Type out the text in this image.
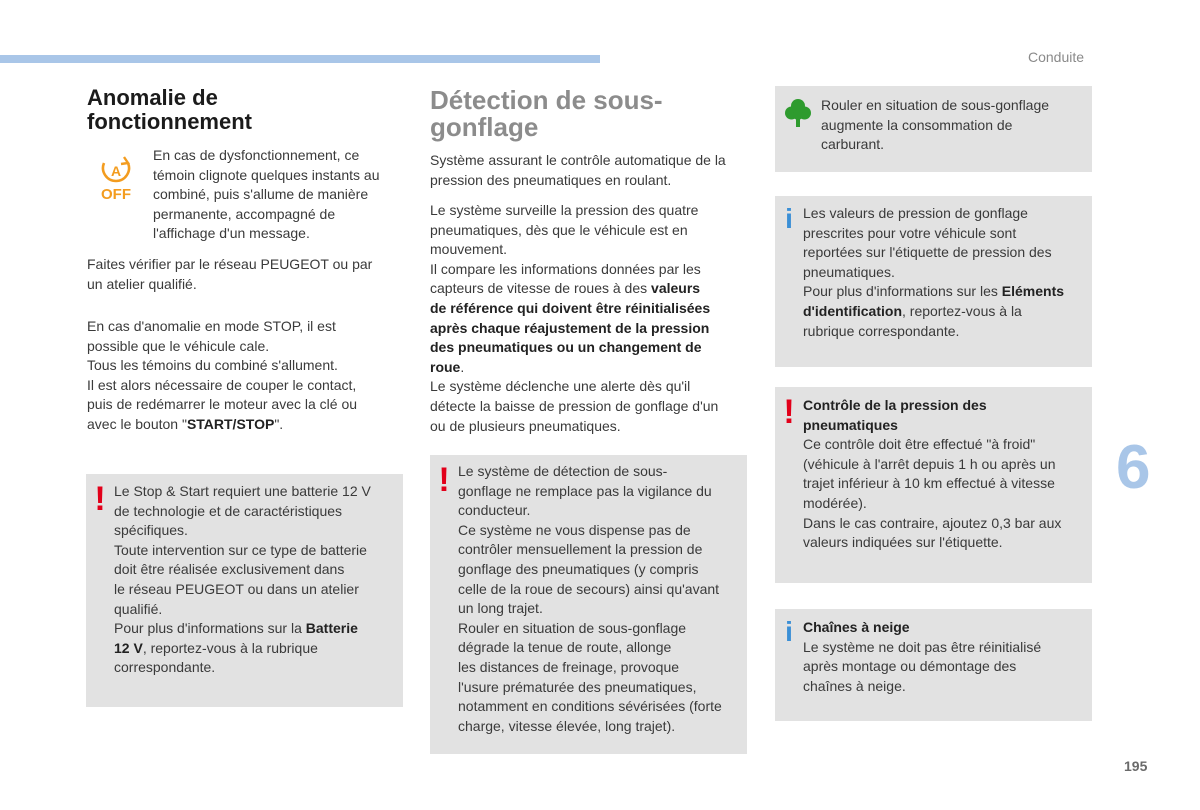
Conduite
6
195
Anomalie de
fonctionnement
A
OFF

En cas de dysfonctionnement, ce
témoin clignote quelques instants au
combiné, puis s'allume de manière
permanente, accompagné de
l'affichage d'un message.

Faites vérifier par le réseau PEUGEOT ou par
un atelier qualifié.

En cas d'anomalie en mode STOP, il est
possible que le véhicule cale.
Tous les témoins du combiné s'allument.
Il est alors nécessaire de couper le contact,
puis de redémarrer le moteur avec la clé ou
avec le bouton "START/STOP".

! Le Stop & Start requiert une batterie 12 V
de technologie et de caractéristiques
spécifiques.
Toute intervention sur ce type de batterie
doit être réalisée exclusivement dans
le réseau PEUGEOT ou dans un atelier
qualifié.
Pour plus d'informations sur la Batterie
12 V, reportez-vous à la rubrique
correspondante.

Détection de sous-
gonflage

Système assurant le contrôle automatique de la
pression des pneumatiques en roulant.

Le système surveille la pression des quatre
pneumatiques, dès que le véhicule est en
mouvement.
Il compare les informations données par les
capteurs de vitesse de roues à des valeurs
de référence qui doivent être réinitialisées
après chaque réajustement de la pression
des pneumatiques ou un changement de
roue.
Le système déclenche une alerte dès qu'il
détecte la baisse de pression de gonflage d'un
ou de plusieurs pneumatiques.

! Le système de détection de sous-
gonflage ne remplace pas la vigilance du
conducteur.
Ce système ne vous dispense pas de
contrôler mensuellement la pression de
gonflage des pneumatiques (y compris
celle de la roue de secours) ainsi qu'avant
un long trajet.
Rouler en situation de sous-gonflage
dégrade la tenue de route, allonge
les distances de freinage, provoque
l'usure prématurée des pneumatiques,
notamment en conditions sévérisées (forte
charge, vitesse élevée, long trajet).

Rouler en situation de sous-gonflage
augmente la consommation de
carburant.

i Les valeurs de pression de gonflage
prescrites pour votre véhicule sont
reportées sur l'étiquette de pression des
pneumatiques.
Pour plus d'informations sur les Eléments
d'identification, reportez-vous à la
rubrique correspondante.

! Contrôle de la pression des
pneumatiques
Ce contrôle doit être effectué "à froid"
(véhicule à l'arrêt depuis 1 h ou après un
trajet inférieur à 10 km effectué à vitesse
modérée).
Dans le cas contraire, ajoutez 0,3 bar aux
valeurs indiquées sur l'étiquette.

i Chaînes à neige
Le système ne doit pas être réinitialisé
après montage ou démontage des
chaînes à neige.
